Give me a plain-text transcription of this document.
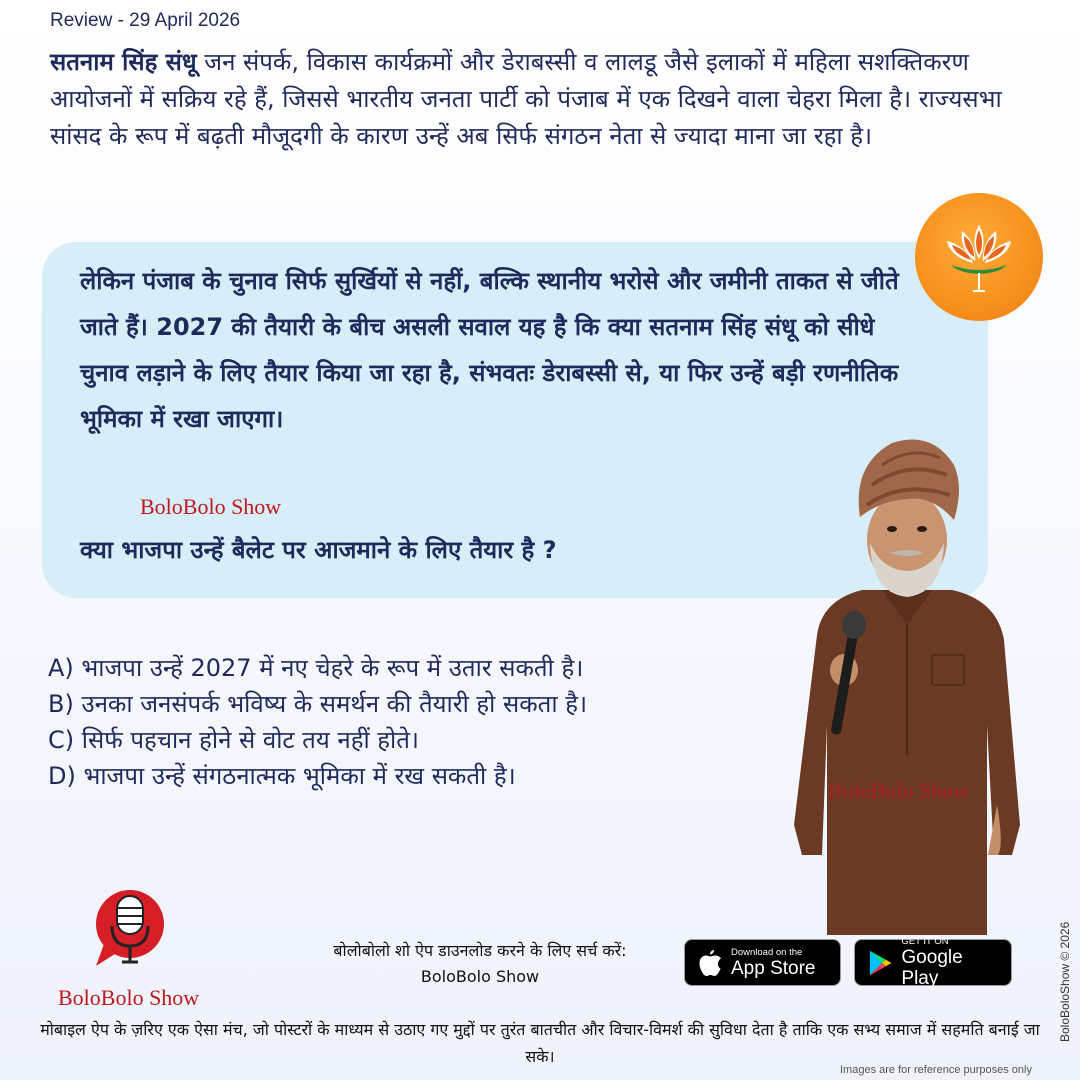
Review - 29 April 2026
सतनाम सिंह संधू जन संपर्क, विकास कार्यक्रमों और डेराबस्सी व लालडू जैसे इलाकों में महिला सशक्तिकरण आयोजनों में सक्रिय रहे हैं, जिससे भारतीय जनता पार्टी को पंजाब में एक दिखने वाला चेहरा मिला है। राज्यसभा सांसद के रूप में बढ़ती मौजूदगी के कारण उन्हें अब सिर्फ संगठन नेता से ज्यादा माना जा रहा है।
लेकिन पंजाब के चुनाव सिर्फ सुर्खियों से नहीं, बल्कि स्थानीय भरोसे और जमीनी ताकत से जीते जाते हैं। 2027 की तैयारी के बीच असली सवाल यह है कि क्या सतनाम सिंह संधू को सीधे चुनाव लड़ाने के लिए तैयार किया जा रहा है, संभवतः डेराबस्सी से, या फिर उन्हें बड़ी रणनीतिक भूमिका में रखा जाएगा।
BoloBolo Show
क्या भाजपा उन्हें बैलेट पर आजमाने के लिए तैयार है ?
A) भाजपा उन्हें 2027 में नए चेहरे के रूप में उतार सकती है।
B) उनका जनसंपर्क भविष्य के समर्थन की तैयारी हो सकता है।
C) सिर्फ पहचान होने से वोट तय नहीं होते।
D) भाजपा उन्हें संगठनात्मक भूमिका में रख सकती है।
BoloBolo Show
BoloBolo Show
बोलोबोलो शो ऐप डाउनलोड करने के लिए सर्च करें:
BoloBolo Show
Download on the
App Store
GET IT ON
Google Play
मोबाइल ऐप के ज़रिए एक ऐसा मंच, जो पोस्टरों के माध्यम से उठाए गए मुद्दों पर तुरंत बातचीत और विचार-विमर्श की सुविधा देता है ताकि एक सभ्य समाज में सहमति बनाई जा सके।
Images are for reference purposes only
BoloBoloShow © 2026
